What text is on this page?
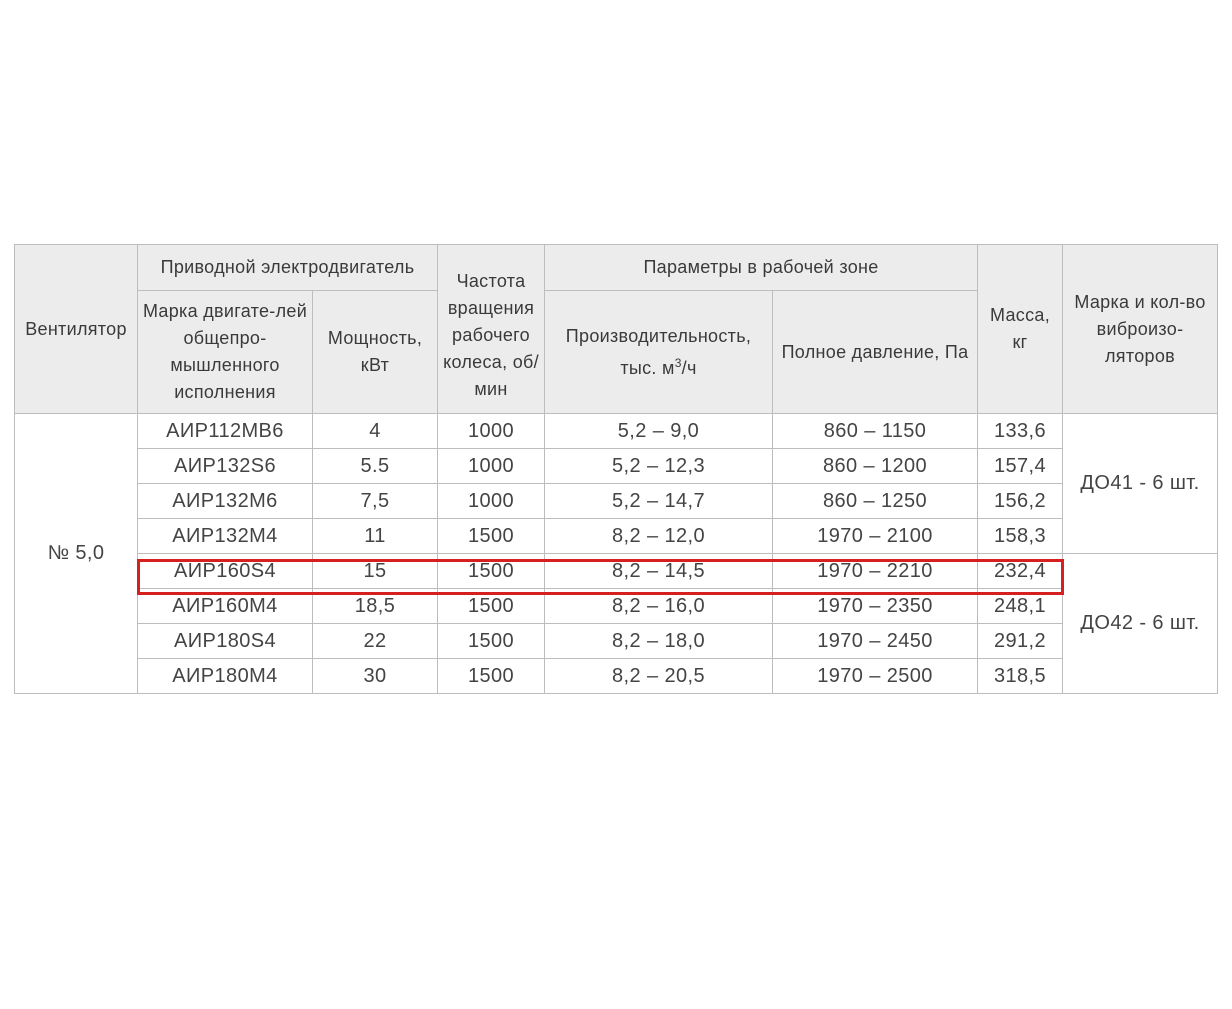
Вентилятор	Приводной электродвигатель		Частота вращения рабочего колеса, об/мин	Параметры в рабочей зоне		Масса, кг	Марка и кол-во виброизо-ляторов
	Марка двигате-лей общепро-мышленного исполнения	Мощность, кВт		Производительность, тыс. $м^3/ч$	Полное давление, Па		
№ 5,0	АИР112МВ6	4	1000	5,2 – 9,0	860 – 1150	133,6	ДО41 - 6 шт.
	АИР132S6	5.5	1000	5,2 – 12,3	860 – 1200	157,4	
	АИР132М6	7,5	1000	5,2 – 14,7	860 – 1250	156,2	
	АИР132М4	11	1500	8,2 – 12,0	1970 – 2100	158,3	
	АИР160S4	15	1500	8,2 – 14,5	1970 – 2210	232,4	ДО42 - 6 шт.
	АИР160М4	18,5	1500	8,2 – 16,0	1970 – 2350	248,1	
	АИР180S4	22	1500	8,2 – 18,0	1970 – 2450	291,2	
	АИР180М4	30	1500	8,2 – 20,5	1970 – 2500	318,5	
